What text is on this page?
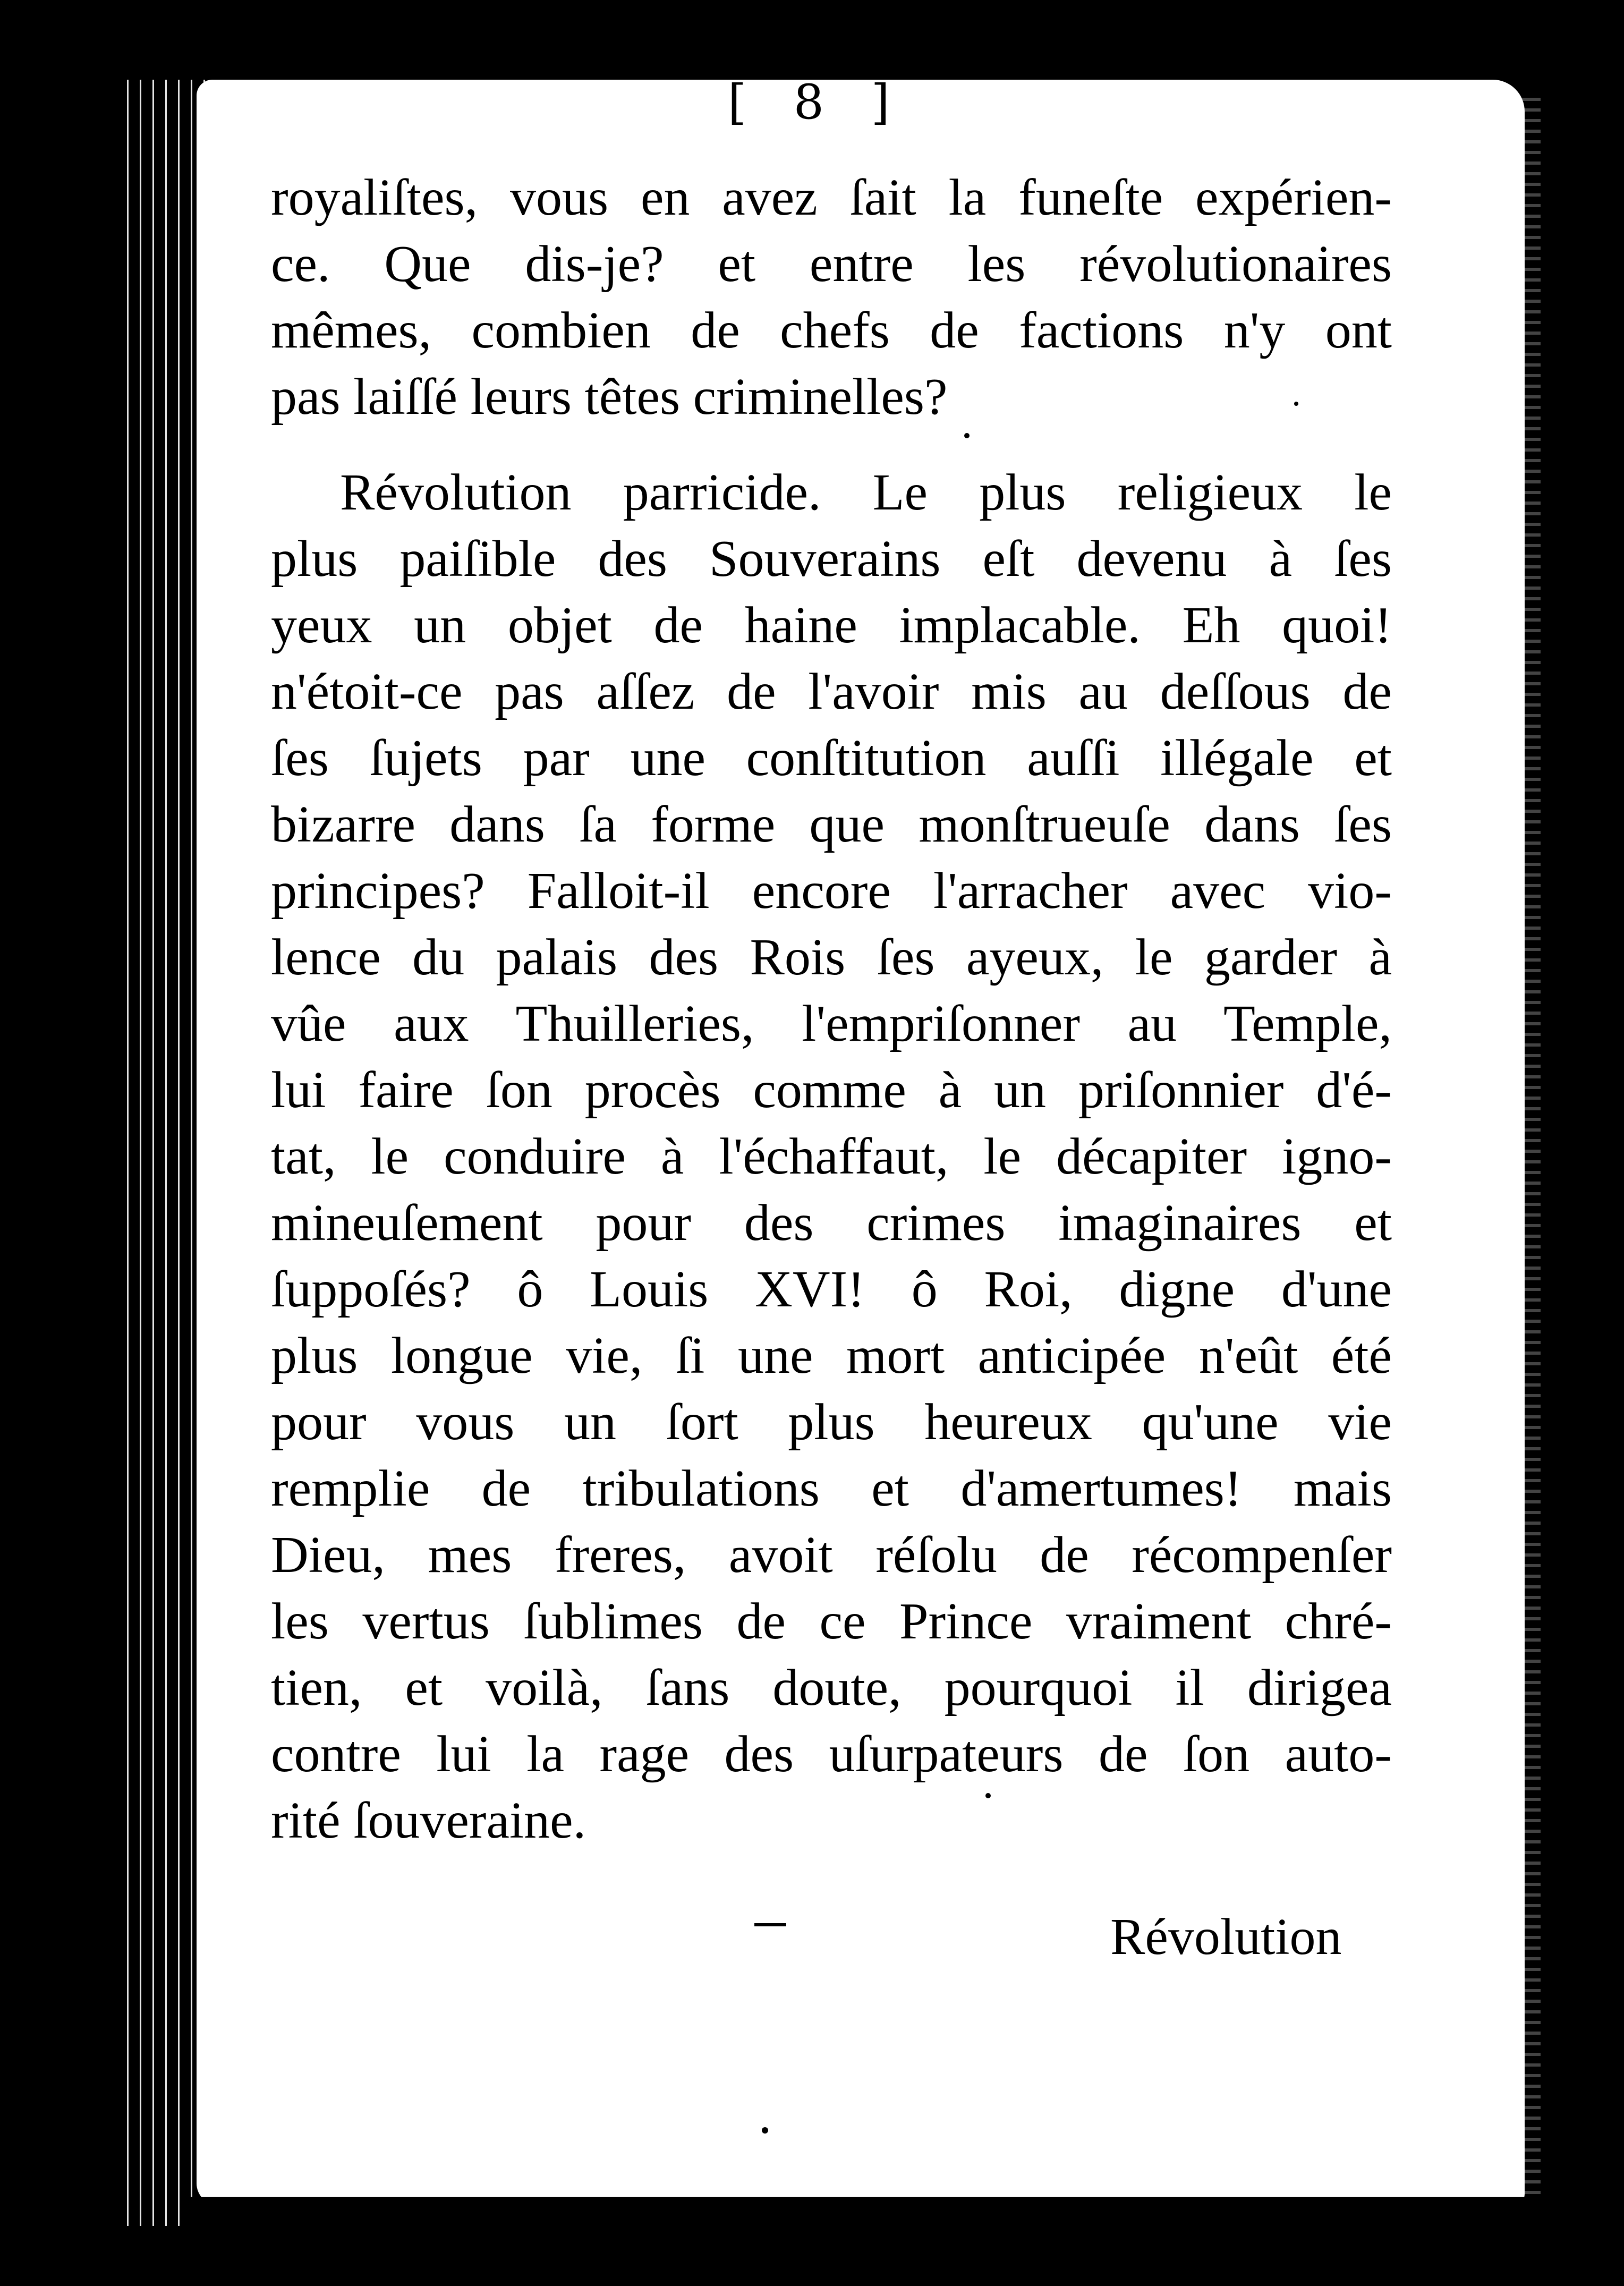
[ 8 ]
royaliſtes, vous en avez ſait la funeſte expérien-
ce. Que dis-je? et entre les révolutionaires
mêmes, combien de chefs de factions n'y ont
pas laiſſé leurs têtes criminelles?
Révolution parricide. Le plus religieux le
plus paiſible des Souverains eſt devenu à ſes
yeux un objet de haine implacable. Eh quoi!
n'étoit-ce pas aſſez de l'avoir mis au deſſous de
ſes ſujets par une conſtitution auſſi illégale et
bizarre dans ſa forme que monſtrueuſe dans ſes
principes? Falloit-il encore l'arracher avec vio-
lence du palais des Rois ſes ayeux, le garder à
vûe aux Thuilleries, l'empriſonner au Temple,
lui faire ſon procès comme à un priſonnier d'é-
tat, le conduire à l'échaffaut, le décapiter igno-
mineuſement pour des crimes imaginaires et
ſuppoſés? ô Louis XVI! ô Roi, digne d'une
plus longue vie, ſi une mort anticipée n'eût été
pour vous un ſort plus heureux qu'une vie
remplie de tribulations et d'amertumes! mais
Dieu, mes freres, avoit réſolu de récompenſer
les vertus ſublimes de ce Prince vraiment chré-
tien, et voilà, ſans doute, pourquoi il dirigea
contre lui la rage des uſurpateurs de ſon auto-
rité ſouveraine.
Révolution
